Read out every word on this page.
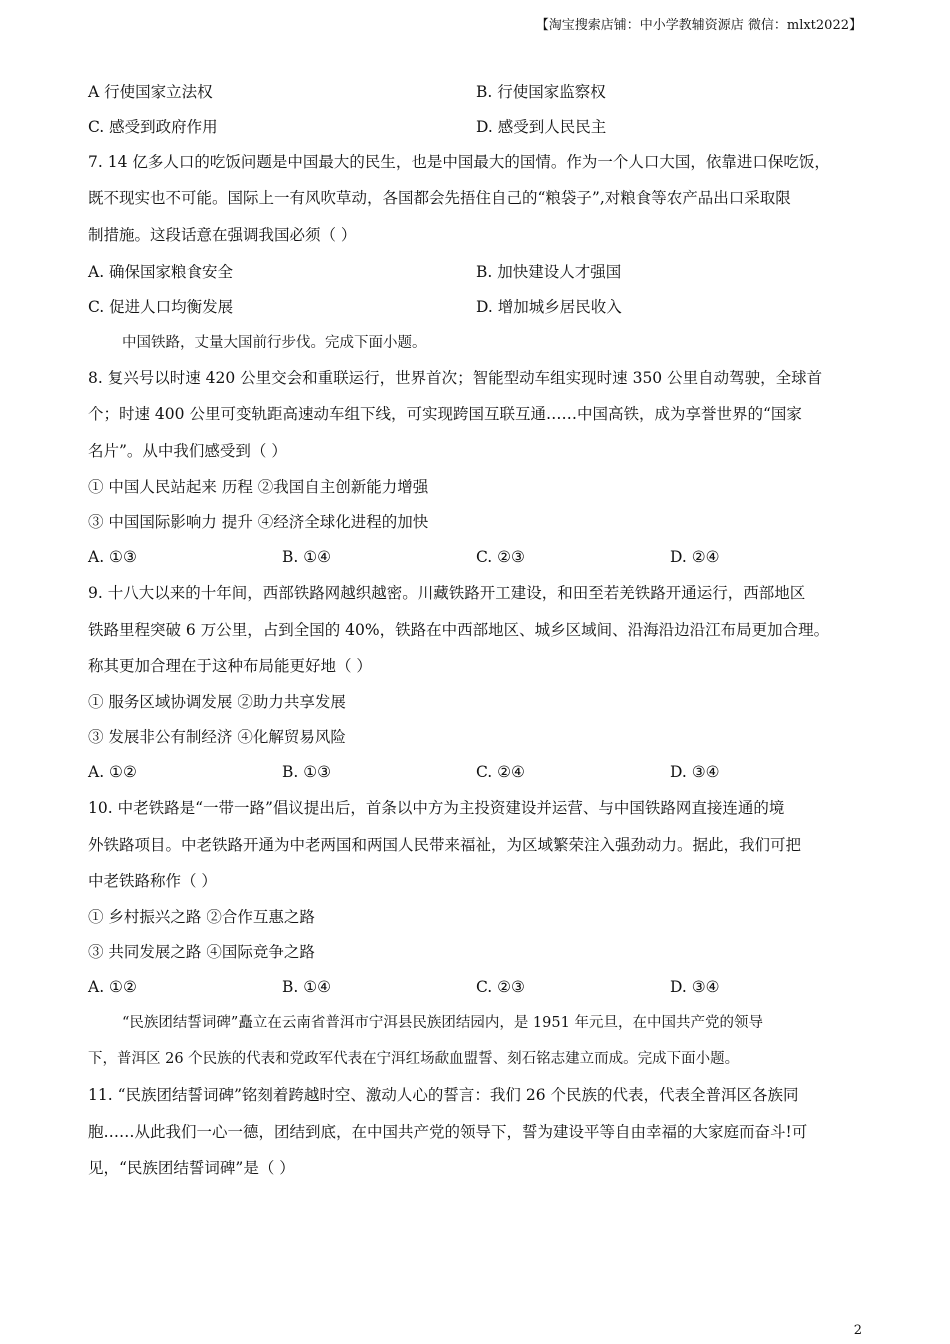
【淘宝搜索店铺：中小学教辅资源店 微信：mlxt2022】
A 行使国家立法权	B. 行使国家监察权
C. 感受到政府作用	D. 感受到人民民主
7. 14 亿多人口的吃饭问题是中国最大的民生，也是中国最大的国情。作为一个人口大国，依靠进口保吃饭，
既不现实也不可能。国际上一有风吹草动，各国都会先捂住自己的“粮袋子”,对粮食等农产品出口采取限
制措施。这段话意在强调我国必须（ ）
A. 确保国家粮食安全	B. 加快建设人才强国
C. 促进人口均衡发展	D. 增加城乡居民收入
中国铁路，丈量大国前行步伐。完成下面小题。
8. 复兴号以时速 420 公里交会和重联运行，世界首次；智能型动车组实现时速 350 公里自动驾驶，全球首
个；时速 400 公里可变轨距高速动车组下线，可实现跨国互联互通……中国高铁，成为享誉世界的“国家
名片”。从中我们感受到（ ）
① 中国人民站起来 历程 ②我国自主创新能力增强
③ 中国国际影响力 提升 ④经济全球化进程的加快
A. ①③	B. ①④	C. ②③	D. ②④
9. 十八大以来的十年间，西部铁路网越织越密。川藏铁路开工建设，和田至若羌铁路开通运行，西部地区
铁路里程突破 6 万公里，占到全国的 40%，铁路在中西部地区、城乡区域间、沿海沿边沿江布局更加合理。
称其更加合理在于这种布局能更好地（ ）
① 服务区域协调发展 ②助力共享发展
③ 发展非公有制经济 ④化解贸易风险
A. ①②	B. ①③	C. ②④	D. ③④
10. 中老铁路是“一带一路”倡议提出后，首条以中方为主投资建设并运营、与中国铁路网直接连通的境
外铁路项目。中老铁路开通为中老两国和两国人民带来福祉，为区域繁荣注入强劲动力。据此，我们可把
中老铁路称作（ ）
① 乡村振兴之路 ②合作互惠之路
③ 共同发展之路 ④国际竞争之路
A. ①②	B. ①④	C. ②③	D. ③④
“民族团结誓词碑”矗立在云南省普洱市宁洱县民族团结园内，是 1951 年元旦，在中国共产党的领导
下，普洱区 26 个民族的代表和党政军代表在宁洱红场歃血盟誓、刻石铭志建立而成。完成下面小题。
11. “民族团结誓词碑”铭刻着跨越时空、激动人心的誓言：我们 26 个民族的代表，代表全普洱区各族同
胞……从此我们一心一德，团结到底，在中国共产党的领导下，誓为建设平等自由幸福的大家庭而奋斗!可
见，“民族团结誓词碑”是（ ）
2
